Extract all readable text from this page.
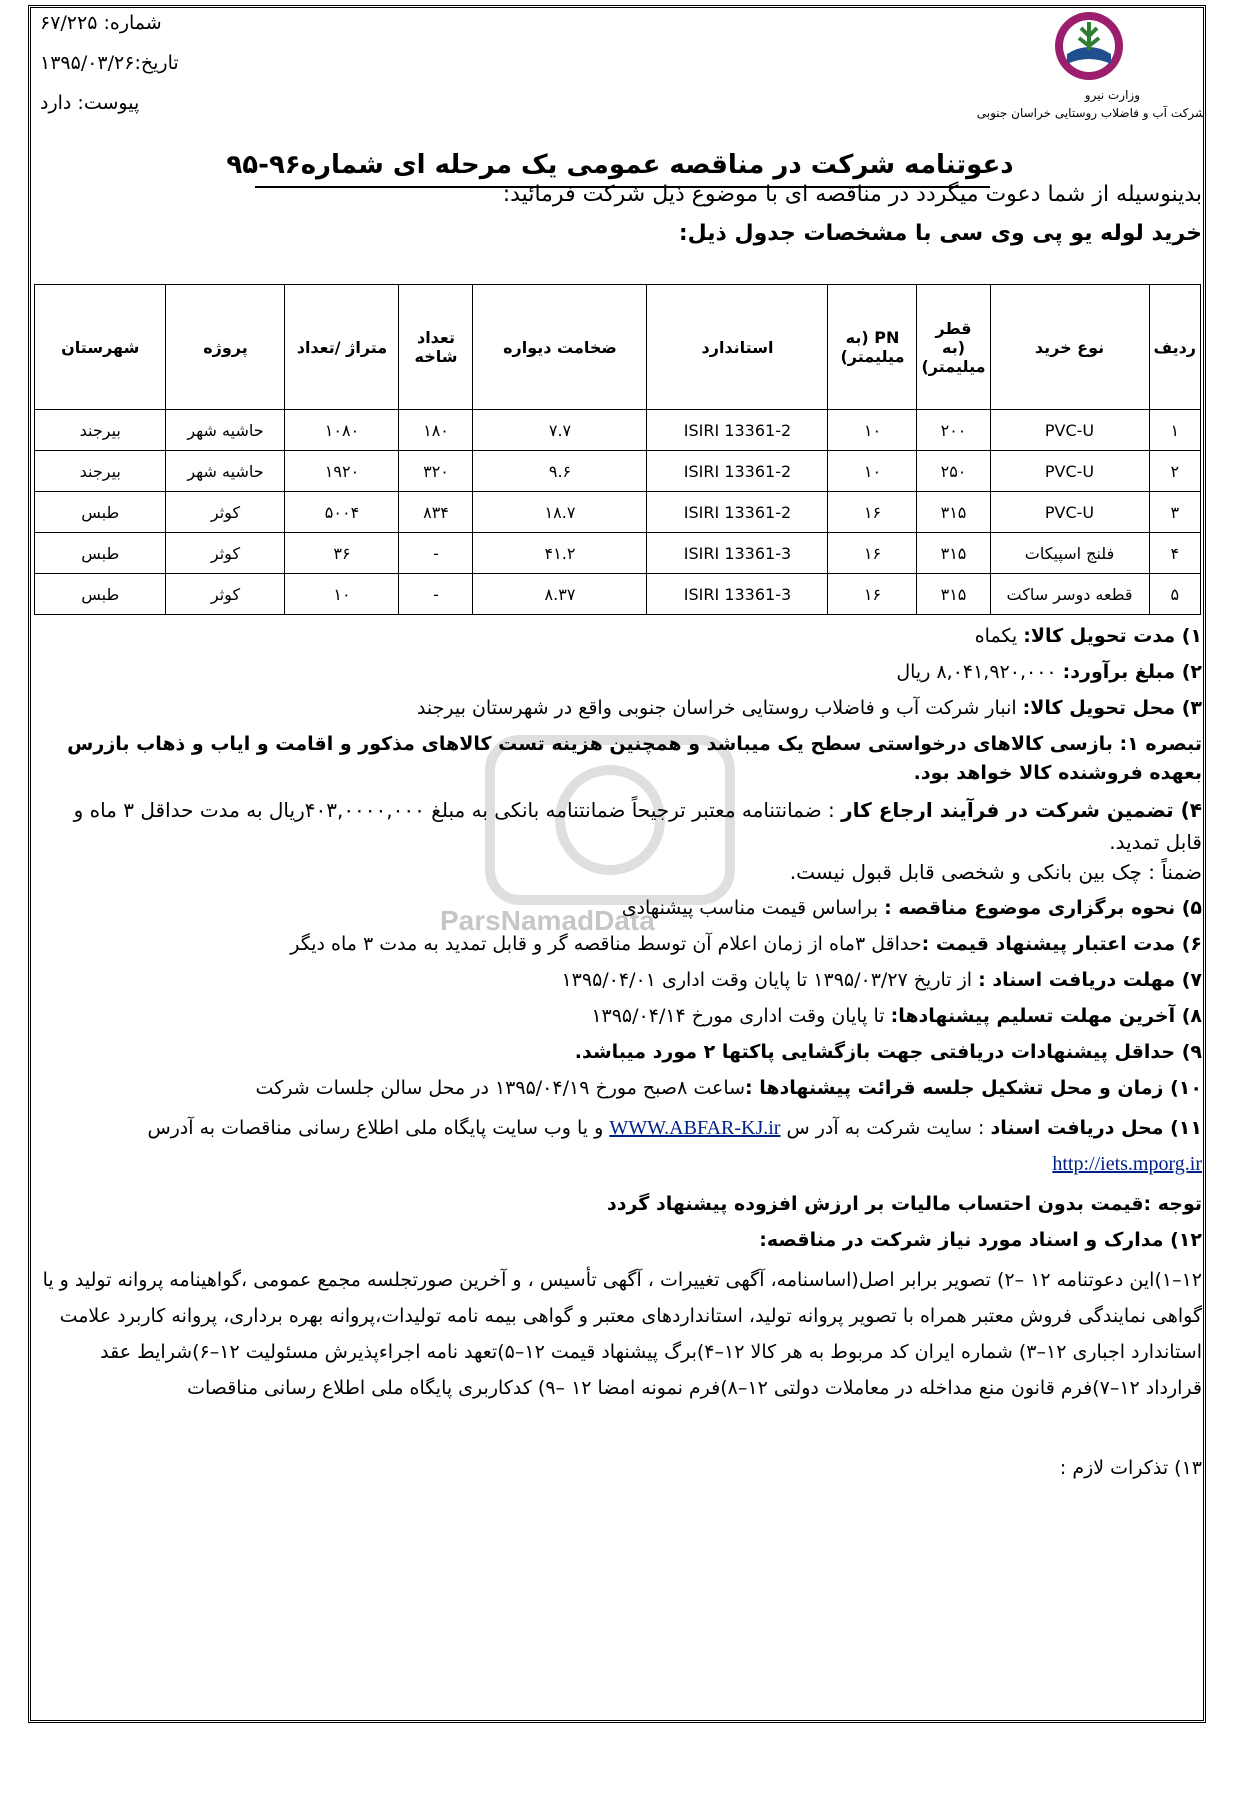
شماره: ۶۷/۲۲۵
تاریخ:۱۳۹۵/۰۳/۲۶
پیوست: دارد	وزارت نیرو
شرکت آب و فاضلاب روستایی خراسان جنوبی
دعوتنامه شرکت در مناقصه عمومی یک مرحله ای شماره۹۶-۹۵
بدینوسیله از شما دعوت میگردد در مناقصه ای با موضوع ذیل شرکت فرمائید:
خرید لوله یو پی وی سی با مشخصات جدول ذیل:
ردیف	نوع خرید	قطر (به میلیمتر)	PN (به میلیمتر)	استاندارد	ضخامت دیواره	تعداد شاخه	متراژ /تعداد	پروژه	شهرستان
۱	PVC-U	۲۰۰	۱۰	ISIRI 13361-2	۷.۷	۱۸۰	۱۰۸۰	حاشیه شهر	بیرجند
۲	PVC-U	۲۵۰	۱۰	ISIRI 13361-2	۹.۶	۳۲۰	۱۹۲۰	حاشیه شهر	بیرجند
۳	PVC-U	۳۱۵	۱۶	ISIRI 13361-2	۱۸.۷	۸۳۴	۵۰۰۴	کوثر	طبس
۴	فلنج اسپیکات	۳۱۵	۱۶	ISIRI 13361-3	۴۱.۲	-	۳۶	کوثر	طبس
۵	قطعه دوسر ساکت	۳۱۵	۱۶	ISIRI 13361-3	۸.۳۷	-	۱۰	کوثر	طبس
ParsNamadData
۱) مدت تحویل کالا: یکماه
۲) مبلغ برآورد: ۸,۰۴۱,۹۲۰,۰۰۰ ریال
۳) محل تحویل کالا: انبار شرکت آب و فاضلاب روستایی خراسان جنوبی واقع در شهرستان بیرجند
تبصره ۱: بازسی کالاهای درخواستی سطح یک میباشد و همچنین هزینه تست کالاهای مذکور و اقامت و ایاب و ذهاب بازرس بعهده فروشنده کالا خواهد بود.
۴) تضمین شرکت در فرآیند ارجاع کار : ضمانتنامه معتبر ترجیحاً ضمانتنامه بانکی به مبلغ ۴۰۳,۰۰۰۰,۰۰۰ریال به مدت حداقل ۳ ماه و قابل تمدید.
ضمناً : چک بین بانکی و شخصی قابل قبول نیست.
۵) نحوه برگزاری موضوع مناقصه : براساس قیمت مناسب پیشنهادی
۶) مدت اعتبار پیشنهاد قیمت :حداقل ۳ماه از زمان اعلام آن توسط مناقصه گر و قابل تمدید به مدت ۳ ماه دیگر
۷) مهلت دریافت اسناد : از تاریخ ۱۳۹۵/۰۳/۲۷ تا پایان وقت اداری ۱۳۹۵/۰۴/۰۱
۸) آخرین مهلت تسلیم پیشنهادها: تا پایان وقت اداری مورخ ۱۳۹۵/۰۴/۱۴
۹) حداقل پیشنهادات دریافتی جهت بازگشایی پاکتها ۲ مورد میباشد.
۱۰) زمان و محل تشکیل جلسه قرائت پیشنهادها :ساعت ۸صبح مورخ ۱۳۹۵/۰۴/۱۹ در محل سالن جلسات شرکت
۱۱) محل دریافت اسناد : سایت شرکت به آدر س WWW.ABFAR-KJ.ir و یا وب سایت پایگاه ملی اطلاع رسانی مناقصات به آدرس http://iets.mporg.ir
توجه :قیمت بدون احتساب مالیات بر ارزش افزوده پیشنهاد گردد
۱۲) مدارک و اسناد مورد نیاز شرکت در مناقصه:
۱۲–۱)این دعوتنامه ۱۲ –۲) تصویر برابر اصل(اساسنامه، آگهی تغییرات ، آگهی تأسیس ، و آخرین صورتجلسه مجمع عمومی ،گواهینامه پروانه تولید و یا گواهی نمایندگی فروش معتبر همراه با تصویر پروانه تولید، استانداردهای معتبر و گواهی بیمه نامه تولیدات،پروانه بهره برداری، پروانه کاربرد علامت استاندارد اجباری ۱۲–۳) شماره ایران کد مربوط به هر کالا ۱۲–۴)برگ پیشنهاد قیمت ۱۲–۵)تعهد نامه اجراءپذیرش مسئولیت ۱۲–۶)شرایط عقد قرارداد ۱۲–۷)فرم قانون منع مداخله در معاملات دولتی ۱۲–۸)فرم نمونه امضا ۱۲ –۹) کدکاربری پایگاه ملی اطلاع رسانی مناقصات
۱۳) تذکرات لازم :
